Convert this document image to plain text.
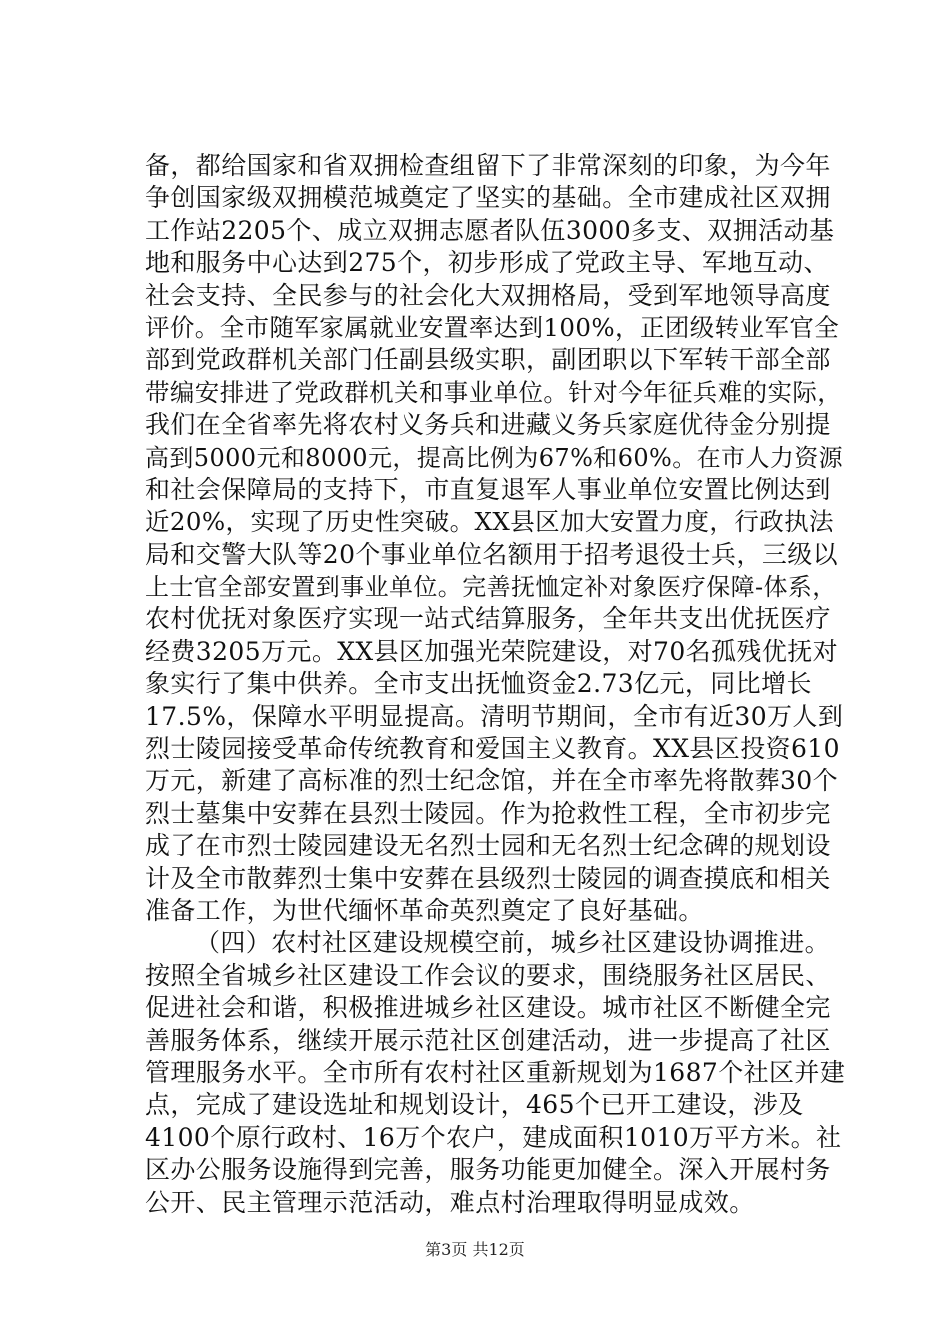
备，都给国家和省双拥检查组留下了非常深刻的印象，为今年
争创国家级双拥模范城奠定了坚实的基础。全市建成社区双拥
工作站2205个、成立双拥志愿者队伍3000多支、双拥活动基
地和服务中心达到275个，初步形成了党政主导、军地互动、
社会支持、全民参与的社会化大双拥格局，受到军地领导高度
评价。全市随军家属就业安置率达到100%，正团级转业军官全
部到党政群机关部门任副县级实职，副团职以下军转干部全部
带编安排进了党政群机关和事业单位。针对今年征兵难的实际，
我们在全省率先将农村义务兵和进藏义务兵家庭优待金分别提
高到5000元和8000元，提高比例为67%和60%。在市人力资源
和社会保障局的支持下，市直复退军人事业单位安置比例达到
近20%，实现了历史性突破。XX县区加大安置力度，行政执法
局和交警大队等20个事业单位名额用于招考退役士兵，三级以
上士官全部安置到事业单位。完善抚恤定补对象医疗保障-体系，
农村优抚对象医疗实现一站式结算服务，全年共支出优抚医疗
经费3205万元。XX县区加强光荣院建设，对70名孤残优抚对
象实行了集中供养。全市支出抚恤资金2.73亿元，同比增长
17.5%，保障水平明显提高。清明节期间，全市有近30万人到
烈士陵园接受革命传统教育和爱国主义教育。XX县区投资610
万元，新建了高标准的烈士纪念馆，并在全市率先将散葬30个
烈士墓集中安葬在县烈士陵园。作为抢救性工程，全市初步完
成了在市烈士陵园建设无名烈士园和无名烈士纪念碑的规划设
计及全市散葬烈士集中安葬在县级烈士陵园的调查摸底和相关
准备工作，为世代缅怀革命英烈奠定了良好基础。
（四）农村社区建设规模空前，城乡社区建设协调推进。
按照全省城乡社区建设工作会议的要求，围绕服务社区居民、
促进社会和谐，积极推进城乡社区建设。城市社区不断健全完
善服务体系，继续开展示范社区创建活动，进一步提高了社区
管理服务水平。全市所有农村社区重新规划为1687个社区并建
点，完成了建设选址和规划设计，465个已开工建设，涉及
4100个原行政村、16万个农户，建成面积1010万平方米。社
区办公服务设施得到完善，服务功能更加健全。深入开展村务
公开、民主管理示范活动，难点村治理取得明显成效。
第3页 共12页
